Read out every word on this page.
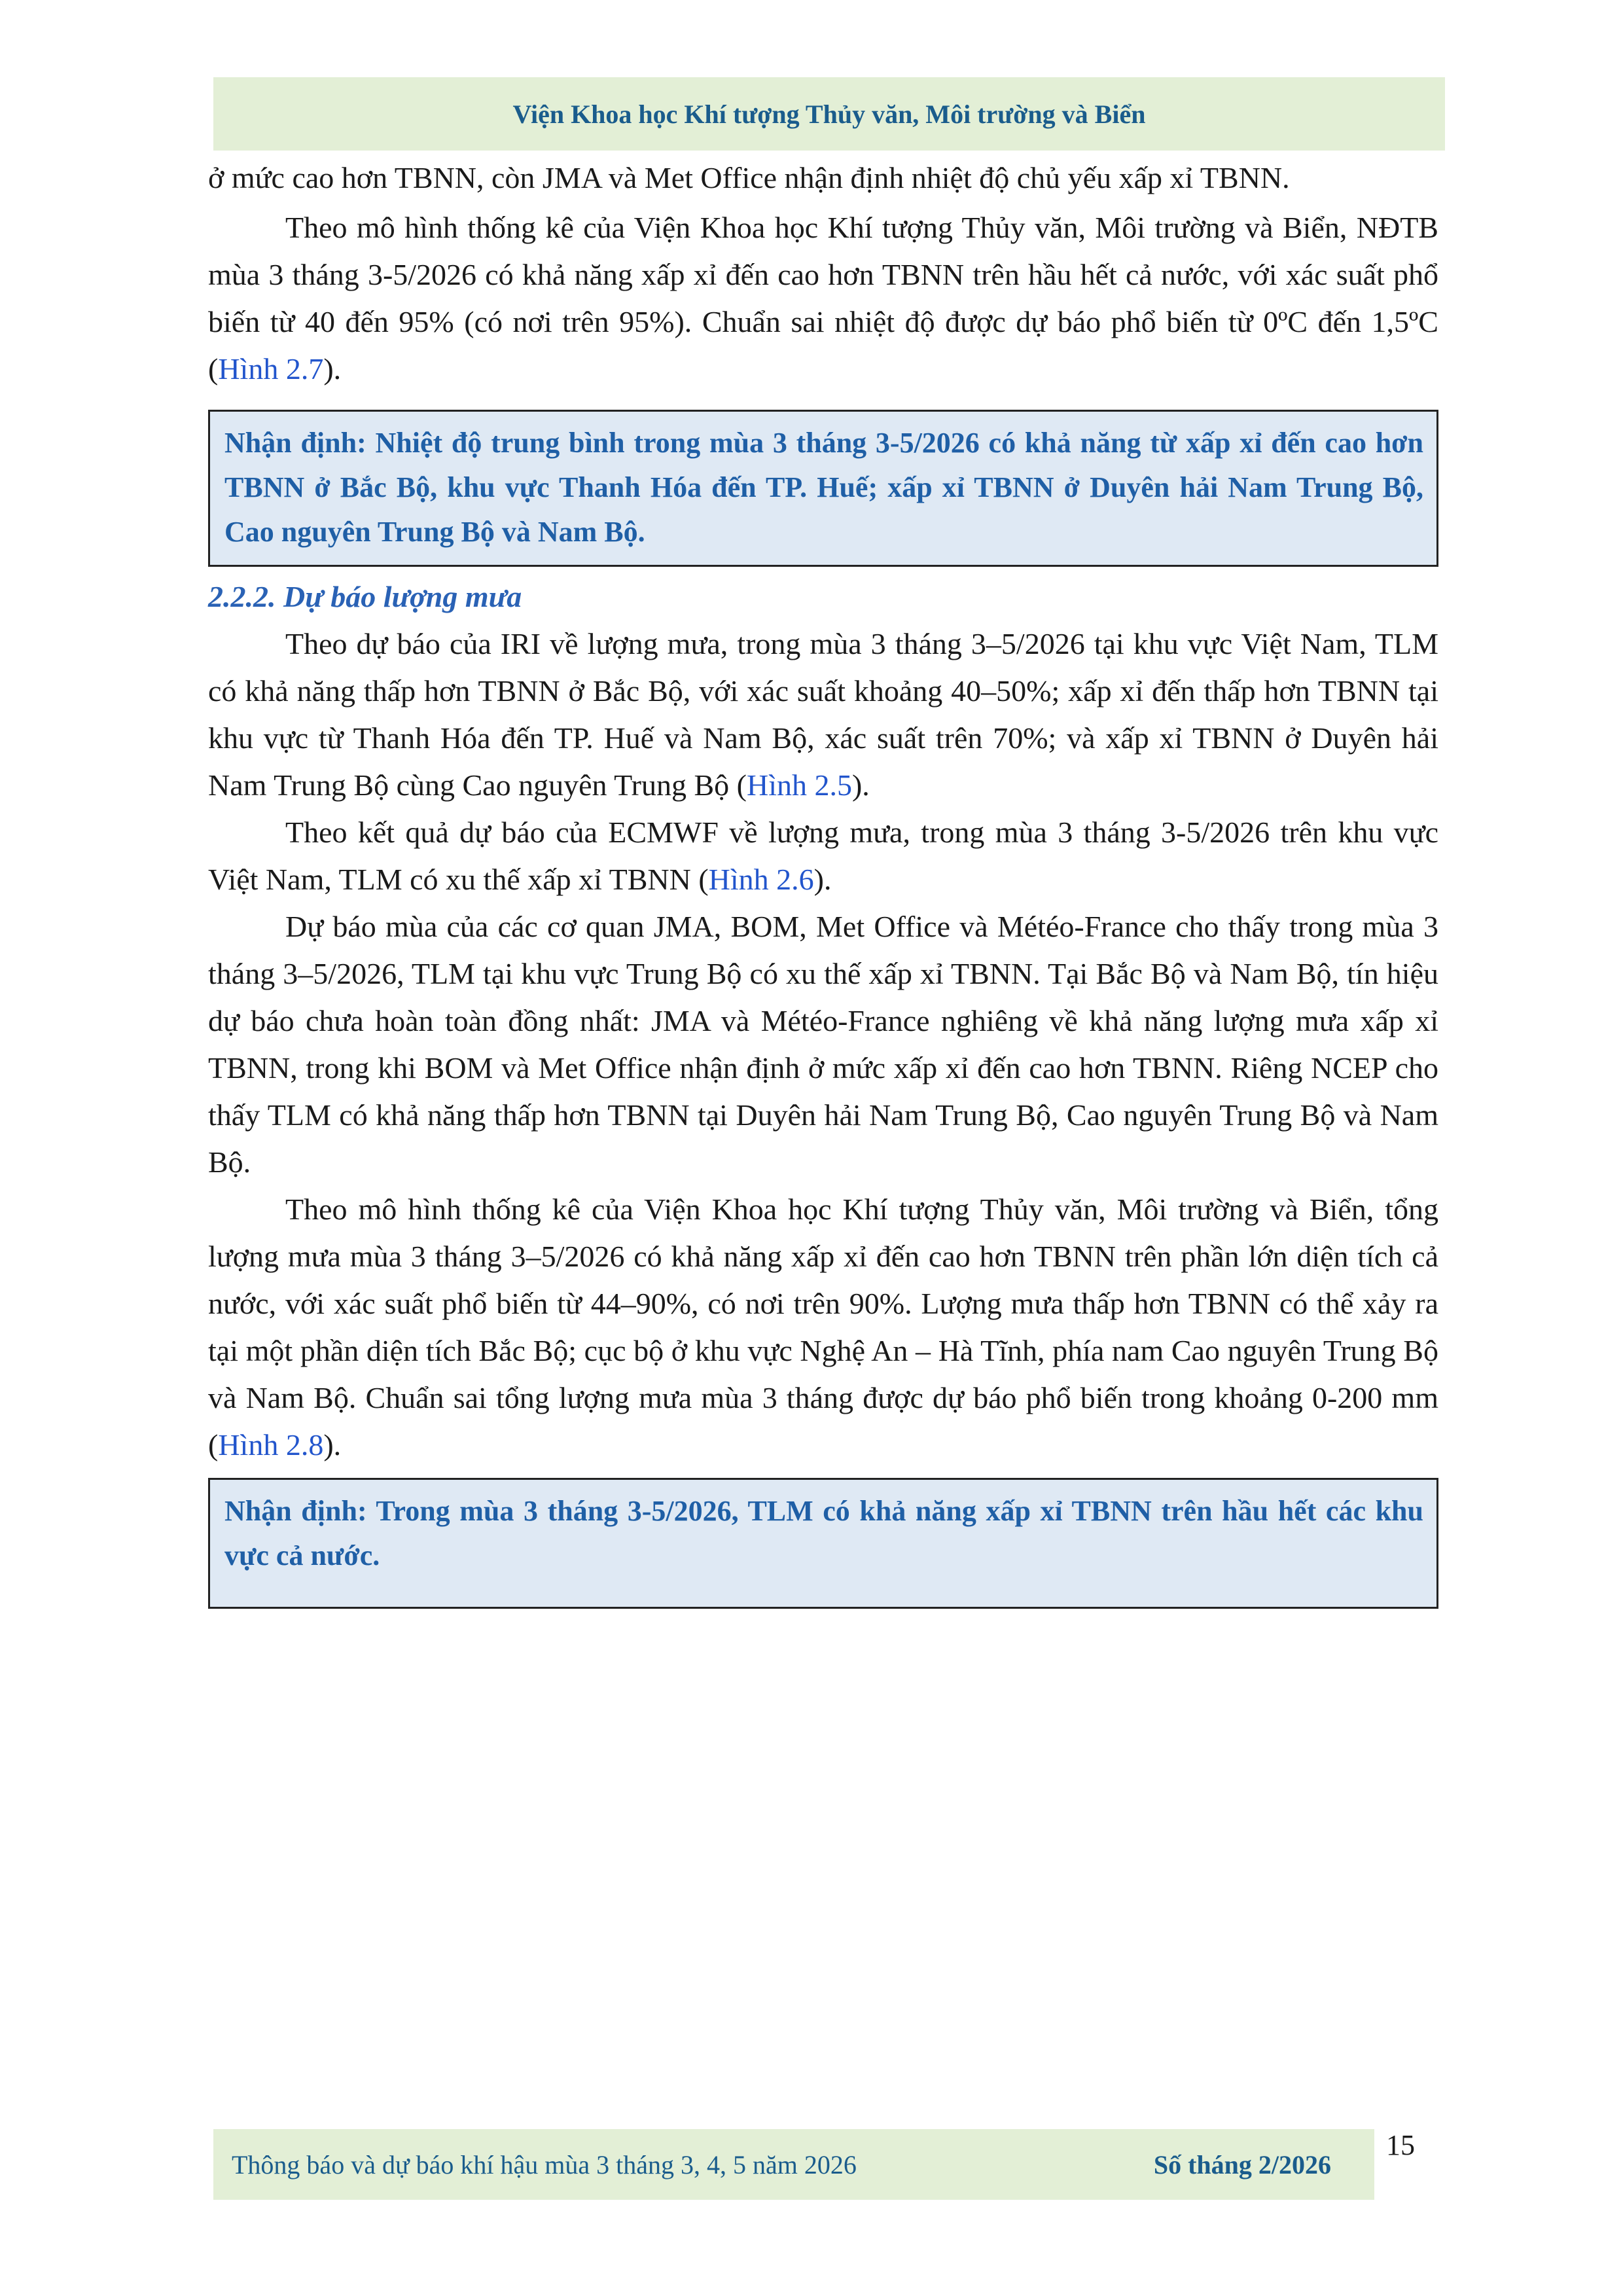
Viện Khoa học Khí tượng Thủy văn, Môi trường và Biển

ở mức cao hơn TBNN, còn JMA và Met Office nhận định nhiệt độ chủ yếu xấp xỉ TBNN.

Theo mô hình thống kê của Viện Khoa học Khí tượng Thủy văn, Môi trường và Biển, NĐTB mùa 3 tháng 3-5/2026 có khả năng xấp xỉ đến cao hơn TBNN trên hầu hết cả nước, với xác suất phổ biến từ 40 đến 95% (có nơi trên 95%). Chuẩn sai nhiệt độ được dự báo phổ biến từ 0ºC đến 1,5ºC (Hình 2.7).

Nhận định: Nhiệt độ trung bình trong mùa 3 tháng 3-5/2026 có khả năng từ xấp xỉ đến cao hơn TBNN ở Bắc Bộ, khu vực Thanh Hóa đến TP. Huế; xấp xỉ TBNN ở Duyên hải Nam Trung Bộ, Cao nguyên Trung Bộ và Nam Bộ.

2.2.2. Dự báo lượng mưa

Theo dự báo của IRI về lượng mưa, trong mùa 3 tháng 3–5/2026 tại khu vực Việt Nam, TLM có khả năng thấp hơn TBNN ở Bắc Bộ, với xác suất khoảng 40–50%; xấp xỉ đến thấp hơn TBNN tại khu vực từ Thanh Hóa đến TP. Huế và Nam Bộ, xác suất trên 70%; và xấp xỉ TBNN ở Duyên hải Nam Trung Bộ cùng Cao nguyên Trung Bộ (Hình 2.5).

Theo kết quả dự báo của ECMWF về lượng mưa, trong mùa 3 tháng 3-5/2026 trên khu vực Việt Nam, TLM có xu thế xấp xỉ TBNN (Hình 2.6).

Dự báo mùa của các cơ quan JMA, BOM, Met Office và Météo-France cho thấy trong mùa 3 tháng 3–5/2026, TLM tại khu vực Trung Bộ có xu thế xấp xỉ TBNN. Tại Bắc Bộ và Nam Bộ, tín hiệu dự báo chưa hoàn toàn đồng nhất: JMA và Météo-France nghiêng về khả năng lượng mưa xấp xỉ TBNN, trong khi BOM và Met Office nhận định ở mức xấp xỉ đến cao hơn TBNN. Riêng NCEP cho thấy TLM có khả năng thấp hơn TBNN tại Duyên hải Nam Trung Bộ, Cao nguyên Trung Bộ và Nam Bộ.

Theo mô hình thống kê của Viện Khoa học Khí tượng Thủy văn, Môi trường và Biển, tổng lượng mưa mùa 3 tháng 3–5/2026 có khả năng xấp xỉ đến cao hơn TBNN trên phần lớn diện tích cả nước, với xác suất phổ biến từ 44–90%, có nơi trên 90%. Lượng mưa thấp hơn TBNN có thể xảy ra tại một phần diện tích Bắc Bộ; cục bộ ở khu vực Nghệ An – Hà Tĩnh, phía nam Cao nguyên Trung Bộ và Nam Bộ. Chuẩn sai tổng lượng mưa mùa 3 tháng được dự báo phổ biến trong khoảng 0-200 mm (Hình 2.8).

Nhận định: Trong mùa 3 tháng 3-5/2026, TLM có khả năng xấp xỉ TBNN trên hầu hết các khu vực cả nước.
Thông báo và dự báo khí hậu mùa 3 tháng 3, 4, 5 năm 2026	Số tháng 2/2026
15
